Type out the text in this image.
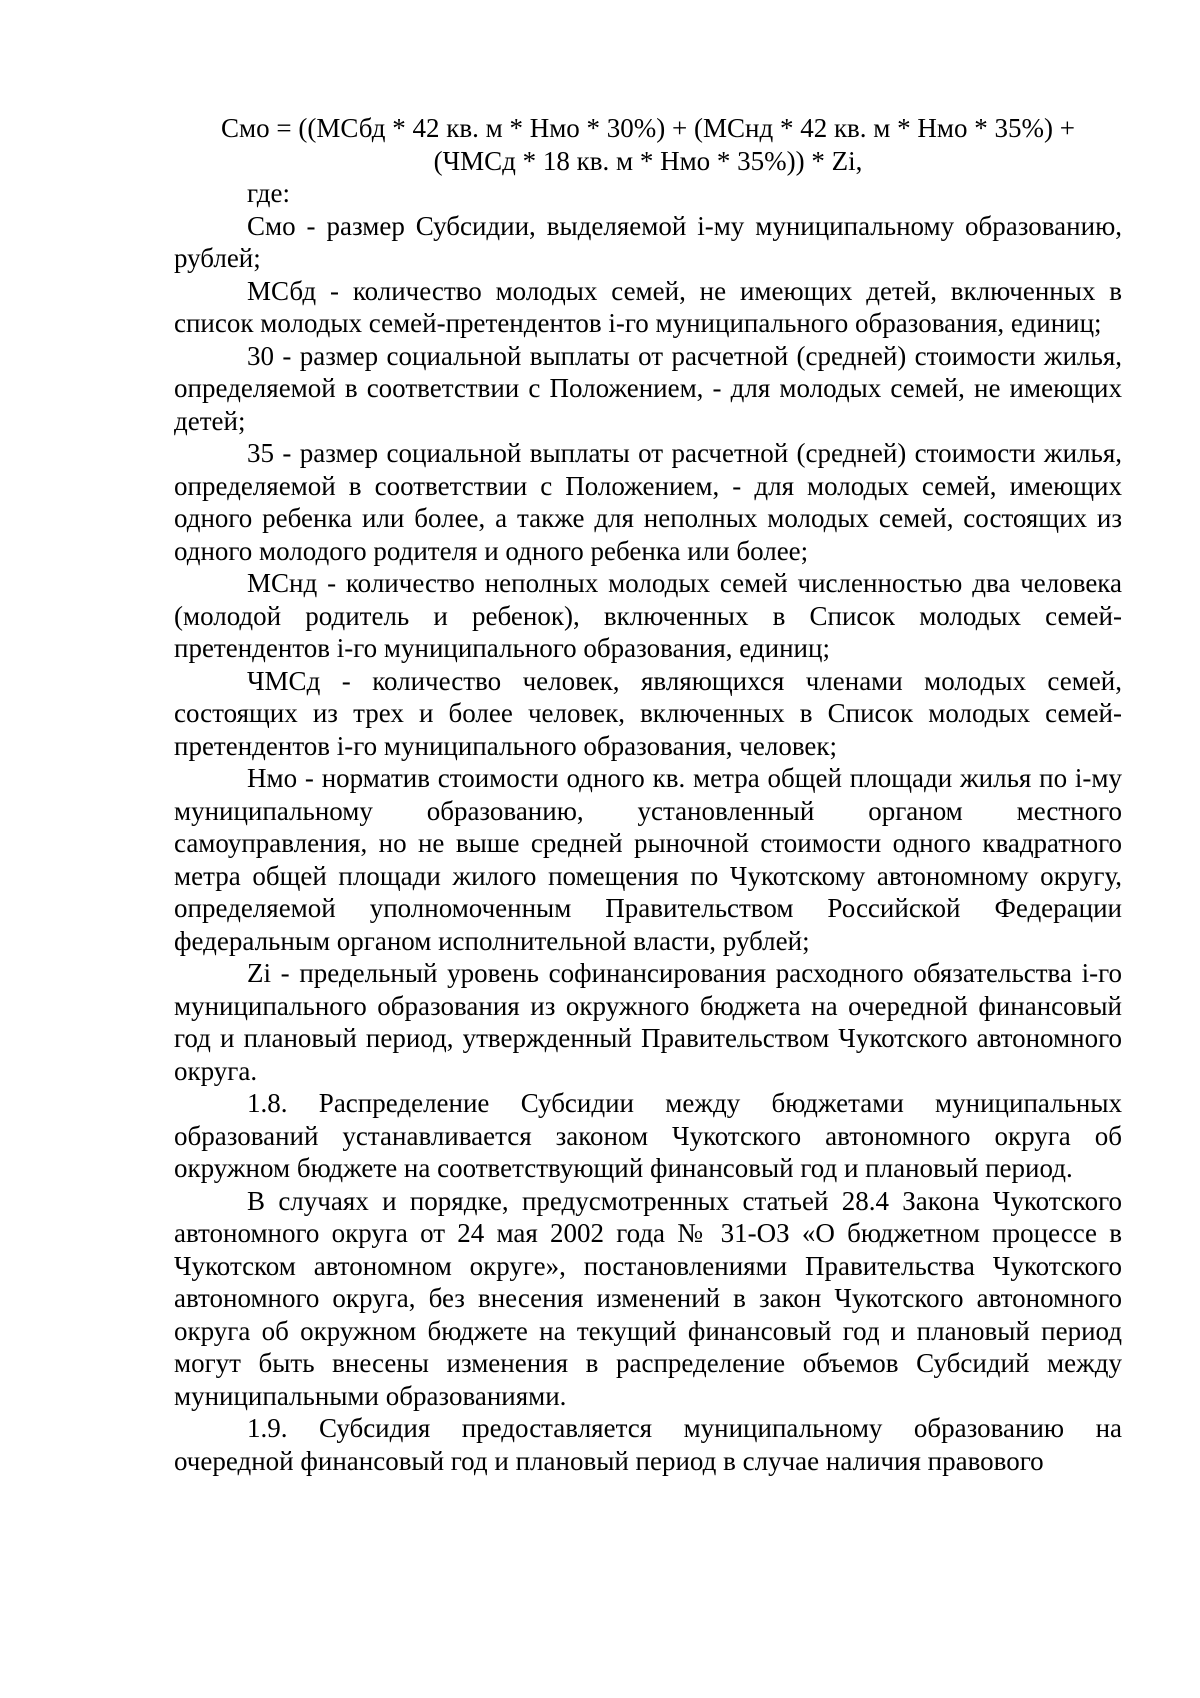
Смо = ((МСбд * 42 кв. м * Нмо * 30%) + (МСнд * 42 кв. м * Нмо * 35%) +

(ЧМСд * 18 кв. м * Нмо * 35%)) * Zi,

где:

Смо - размер Субсидии, выделяемой i-му муниципальному образованию, рублей;

МСбд - количество молодых семей, не имеющих детей, включенных в список молодых семей-претендентов i-го муниципального образования, единиц;

30 - размер социальной выплаты от расчетной (средней) стоимости жилья, определяемой в соответствии с Положением, - для молодых семей, не имеющих детей;

35 - размер социальной выплаты от расчетной (средней) стоимости жилья, определяемой в соответствии с Положением, - для молодых семей, имеющих одного ребенка или более, а также для неполных молодых семей, состоящих из одного молодого родителя и одного ребенка или более;

МСнд - количество неполных молодых семей численностью два человека (молодой родитель и ребенок), включенных в Список молодых семей-претендентов i-го муниципального образования, единиц;

ЧМСд - количество человек, являющихся членами молодых семей, состоящих из трех и более человек, включенных в Список молодых семей-претендентов i-го муниципального образования, человек;

Нмо - норматив стоимости одного кв. метра общей площади жилья по i-му муниципальному образованию, установленный органом местного самоуправления, но не выше средней рыночной стоимости одного квадратного метра общей площади жилого помещения по Чукотскому автономному округу, определяемой уполномоченным Правительством Российской Федерации федеральным органом исполнительной власти, рублей;

Zi - предельный уровень софинансирования расходного обязательства i-го муниципального образования из окружного бюджета на очередной финансовый год и плановый период, утвержденный Правительством Чукотского автономного округа.

1.8. Распределение Субсидии между бюджетами муниципальных образований устанавливается законом Чукотского автономного округа об окружном бюджете на соответствующий финансовый год и плановый период.

В случаях и порядке, предусмотренных статьей 28.4 Закона Чукотского автономного округа от 24 мая 2002 года № 31-ОЗ «О бюджетном процессе в Чукотском автономном округе», постановлениями Правительства Чукотского автономного округа, без внесения изменений в закон Чукотского автономного округа об окружном бюджете на текущий финансовый год и плановый период могут быть внесены изменения в распределение объемов Субсидий между муниципальными образованиями.

1.9. Субсидия предоставляется муниципальному образованию на очередной финансовый год и плановый период в случае наличия правового
